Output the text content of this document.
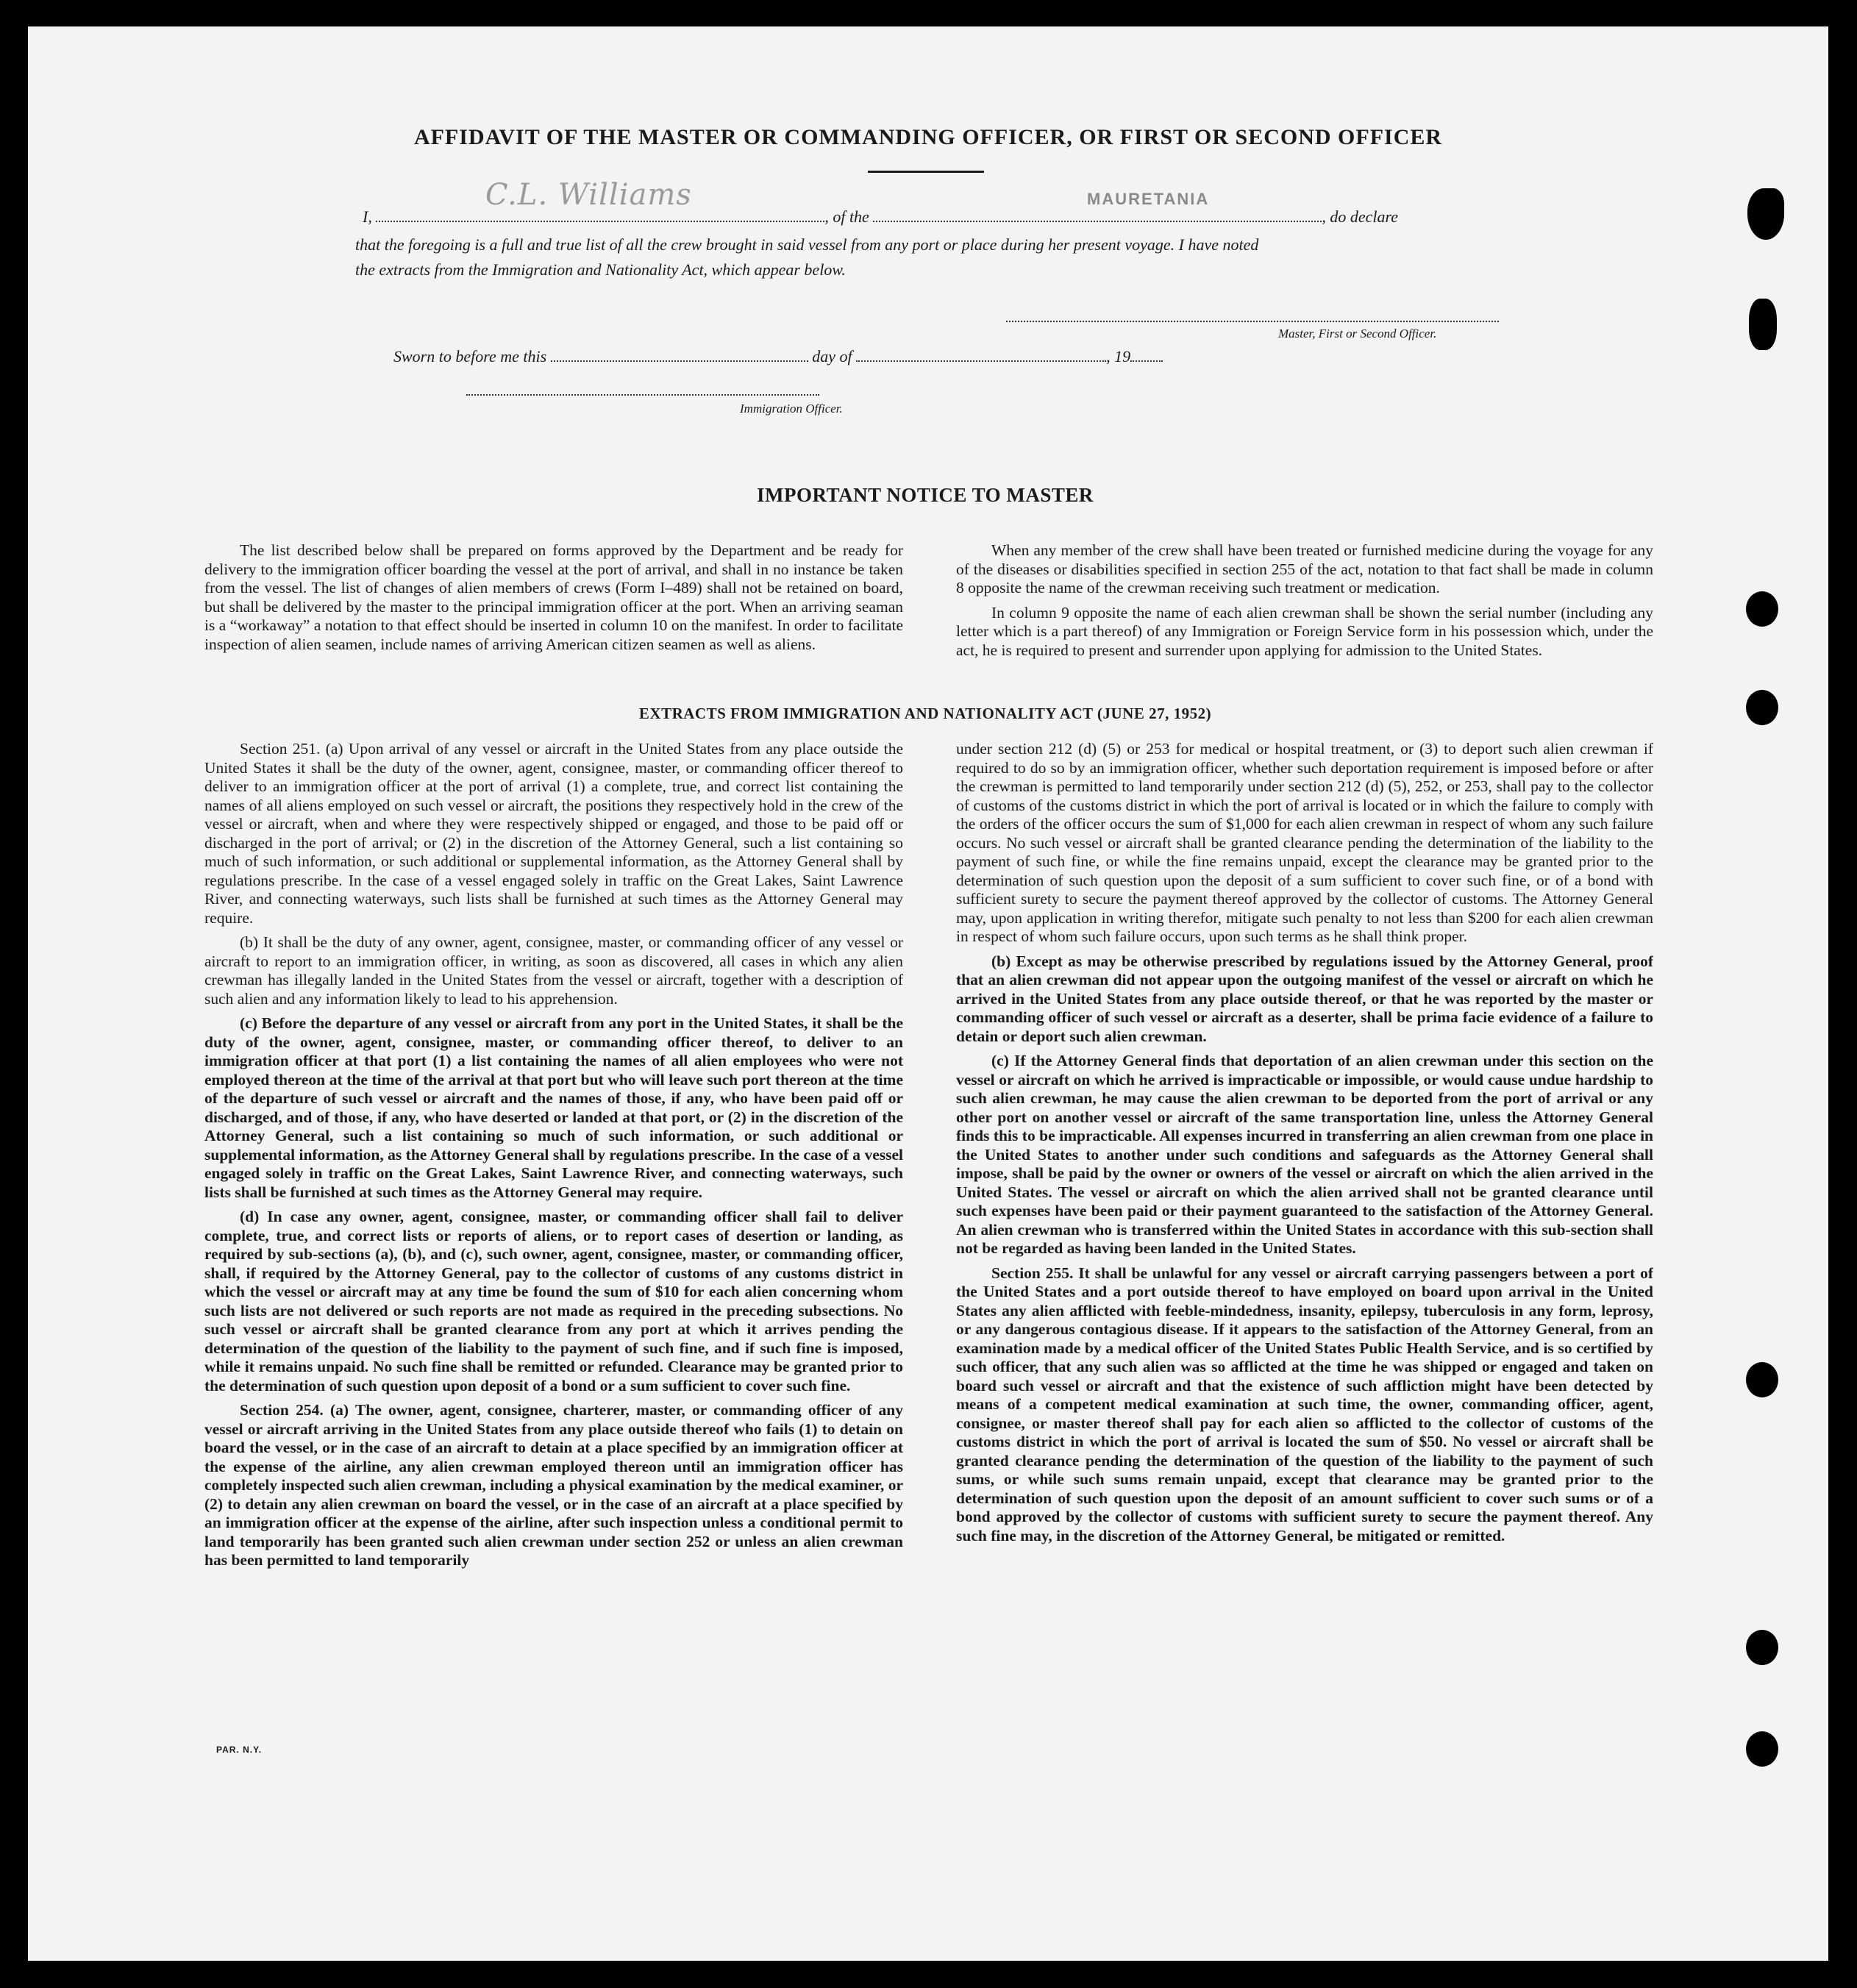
AFFIDAVIT OF THE MASTER OR COMMANDING OFFICER, OR FIRST OR SECOND OFFICER
I,	, of the	, do declare
C.L. Williams	MAURETANIA
that the foregoing is a full and true list of all the crew brought in said vessel from any port or place during her present voyage. I have noted
the extracts from the Immigration and Nationality Act, which appear below.
Master, First or Second Officer.
Sworn to before me this	day of	, 19
Immigration Officer.
IMPORTANT NOTICE TO MASTER

The list described below shall be prepared on forms approved by the Department and be ready for delivery to the immigration officer boarding the vessel at the port of arrival, and shall in no instance be taken from the vessel. The list of changes of alien members of crews (Form I–489) shall not be retained on board, but shall be delivered by the master to the principal immigration officer at the port. When an arriving seaman is a “workaway” a notation to that effect should be inserted in column 10 on the manifest. In order to facilitate inspection of alien seamen, include names of arriving American citizen seamen as well as aliens.

When any member of the crew shall have been treated or furnished medicine during the voyage for any of the diseases or disabilities specified in section 255 of the act, notation to that fact shall be made in column 8 opposite the name of the crewman receiving such treatment or medication.

In column 9 opposite the name of each alien crewman shall be shown the serial number (including any letter which is a part thereof) of any Immigration or Foreign Service form in his possession which, under the act, he is required to present and surrender upon applying for admission to the United States.

EXTRACTS FROM IMMIGRATION AND NATIONALITY ACT (JUNE 27, 1952)

Section 251. (a) Upon arrival of any vessel or aircraft in the United States from any place outside the United States it shall be the duty of the owner, agent, consignee, master, or commanding officer thereof to deliver to an immigration officer at the port of arrival (1) a complete, true, and correct list containing the names of all aliens employed on such vessel or aircraft, the positions they respectively hold in the crew of the vessel or aircraft, when and where they were respectively shipped or engaged, and those to be paid off or discharged in the port of arrival; or (2) in the discretion of the Attorney General, such a list containing so much of such information, or such additional or supplemental information, as the Attorney General shall by regulations prescribe. In the case of a vessel engaged solely in traffic on the Great Lakes, Saint Lawrence River, and connecting waterways, such lists shall be furnished at such times as the Attorney General may require.

(b) It shall be the duty of any owner, agent, consignee, master, or commanding officer of any vessel or aircraft to report to an immigration officer, in writing, as soon as discovered, all cases in which any alien crewman has illegally landed in the United States from the vessel or aircraft, together with a description of such alien and any information likely to lead to his apprehension.

(c) Before the departure of any vessel or aircraft from any port in the United States, it shall be the duty of the owner, agent, consignee, master, or commanding officer thereof, to deliver to an immigration officer at that port (1) a list containing the names of all alien employees who were not employed thereon at the time of the arrival at that port but who will leave such port thereon at the time of the departure of such vessel or aircraft and the names of those, if any, who have been paid off or discharged, and of those, if any, who have deserted or landed at that port, or (2) in the discretion of the Attorney General, such a list containing so much of such information, or such additional or supplemental information, as the Attorney General shall by regulations prescribe. In the case of a vessel engaged solely in traffic on the Great Lakes, Saint Lawrence River, and connecting waterways, such lists shall be furnished at such times as the Attorney General may require.

(d) In case any owner, agent, consignee, master, or commanding officer shall fail to deliver complete, true, and correct lists or reports of aliens, or to report cases of desertion or landing, as required by sub-sections (a), (b), and (c), such owner, agent, consignee, master, or commanding officer, shall, if required by the Attorney General, pay to the collector of customs of any customs district in which the vessel or aircraft may at any time be found the sum of $10 for each alien concerning whom such lists are not delivered or such reports are not made as required in the preceding subsections. No such vessel or aircraft shall be granted clearance from any port at which it arrives pending the determination of the question of the liability to the payment of such fine, and if such fine is imposed, while it remains unpaid. No such fine shall be remitted or refunded. Clearance may be granted prior to the determination of such question upon deposit of a bond or a sum sufficient to cover such fine.

Section 254. (a) The owner, agent, consignee, charterer, master, or commanding officer of any vessel or aircraft arriving in the United States from any place outside thereof who fails (1) to detain on board the vessel, or in the case of an aircraft to detain at a place specified by an immigration officer at the expense of the airline, any alien crewman employed thereon until an immigration officer has completely inspected such alien crewman, including a physical examination by the medical examiner, or (2) to detain any alien crewman on board the vessel, or in the case of an aircraft at a place specified by an immigration officer at the expense of the airline, after such inspection unless a conditional permit to land temporarily has been granted such alien crewman under section 252 or unless an alien crewman has been permitted to land temporarily

under section 212 (d) (5) or 253 for medical or hospital treatment, or (3) to deport such alien crewman if required to do so by an immigration officer, whether such deportation requirement is imposed before or after the crewman is permitted to land temporarily under section 212 (d) (5), 252, or 253, shall pay to the collector of customs of the customs district in which the port of arrival is located or in which the failure to comply with the orders of the officer occurs the sum of $1,000 for each alien crewman in respect of whom any such failure occurs. No such vessel or aircraft shall be granted clearance pending the determination of the liability to the payment of such fine, or while the fine remains unpaid, except the clearance may be granted prior to the determination of such question upon the deposit of a sum sufficient to cover such fine, or of a bond with sufficient surety to secure the payment thereof approved by the collector of customs. The Attorney General may, upon application in writing therefor, mitigate such penalty to not less than $200 for each alien crewman in respect of whom such failure occurs, upon such terms as he shall think proper.

(b) Except as may be otherwise prescribed by regulations issued by the Attorney General, proof that an alien crewman did not appear upon the outgoing manifest of the vessel or aircraft on which he arrived in the United States from any place outside thereof, or that he was reported by the master or commanding officer of such vessel or aircraft as a deserter, shall be prima facie evidence of a failure to detain or deport such alien crewman.

(c) If the Attorney General finds that deportation of an alien crewman under this section on the vessel or aircraft on which he arrived is impracticable or impossible, or would cause undue hardship to such alien crewman, he may cause the alien crewman to be deported from the port of arrival or any other port on another vessel or aircraft of the same transportation line, unless the Attorney General finds this to be impracticable. All expenses incurred in transferring an alien crewman from one place in the United States to another under such conditions and safeguards as the Attorney General shall impose, shall be paid by the owner or owners of the vessel or aircraft on which the alien arrived in the United States. The vessel or aircraft on which the alien arrived shall not be granted clearance until such expenses have been paid or their payment guaranteed to the satisfaction of the Attorney General. An alien crewman who is transferred within the United States in accordance with this sub-section shall not be regarded as having been landed in the United States.

Section 255. It shall be unlawful for any vessel or aircraft carrying passengers between a port of the United States and a port outside thereof to have employed on board upon arrival in the United States any alien afflicted with feeble-mindedness, insanity, epilepsy, tuberculosis in any form, leprosy, or any dangerous contagious disease. If it appears to the satisfaction of the Attorney General, from an examination made by a medical officer of the United States Public Health Service, and is so certified by such officer, that any such alien was so afflicted at the time he was shipped or engaged and taken on board such vessel or aircraft and that the existence of such affliction might have been detected by means of a competent medical examination at such time, the owner, commanding officer, agent, consignee, or master thereof shall pay for each alien so afflicted to the collector of customs of the customs district in which the port of arrival is located the sum of $50. No vessel or aircraft shall be granted clearance pending the determination of the question of the liability to the payment of such sums, or while such sums remain unpaid, except that clearance may be granted prior to the determination of such question upon the deposit of an amount sufficient to cover such sums or of a bond approved by the collector of customs with sufficient surety to secure the payment thereof. Any such fine may, in the discretion of the Attorney General, be mitigated or remitted.

PAR. N.Y.
